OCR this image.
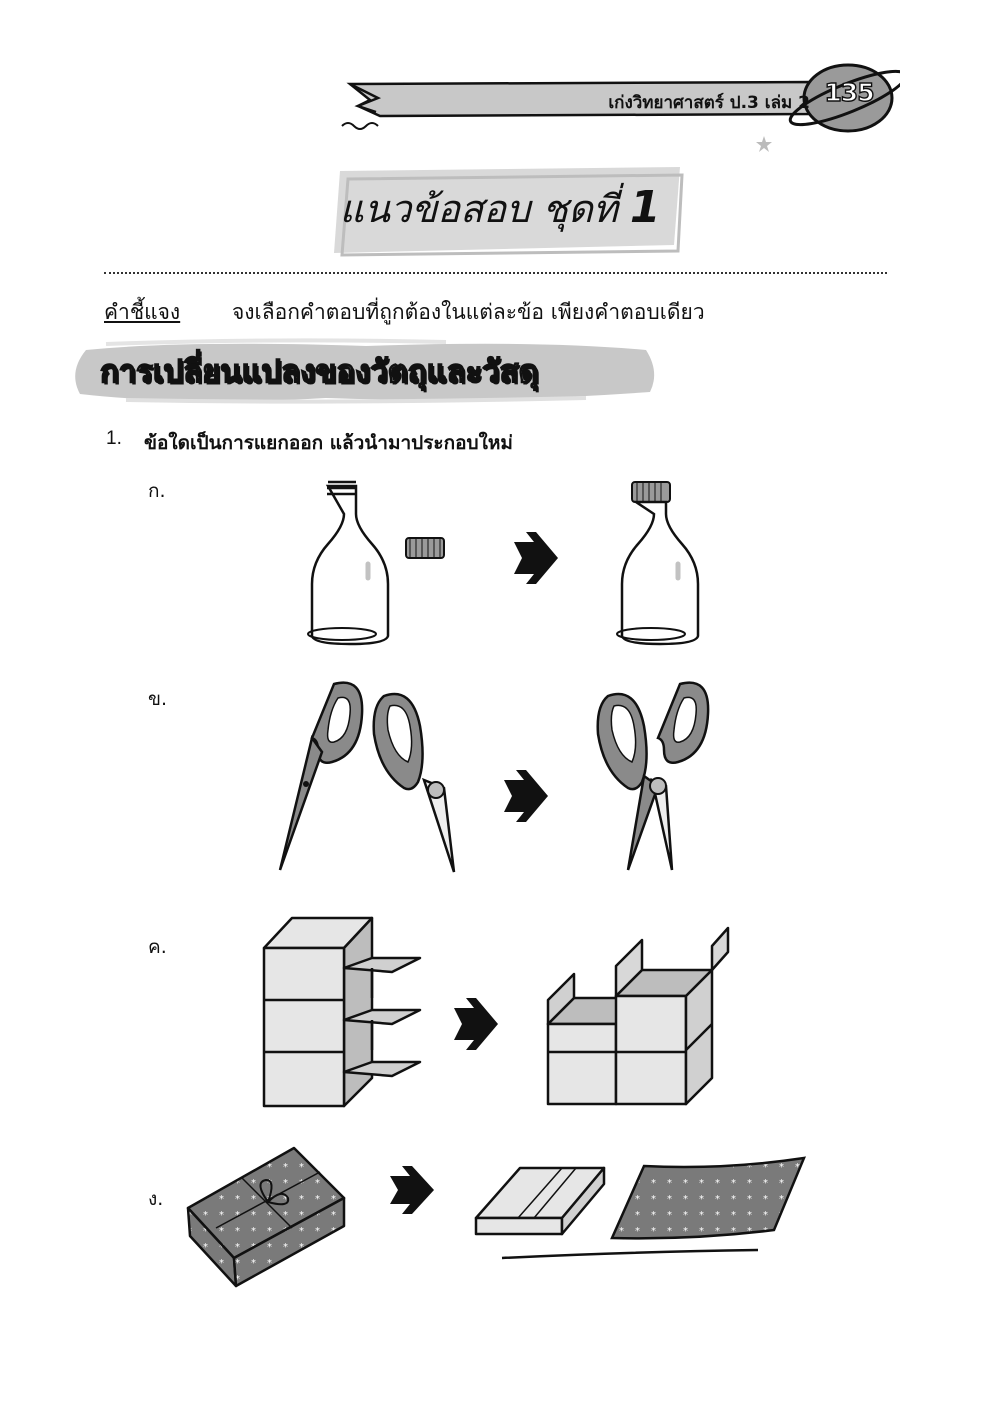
เก่งวิทยาศาสตร์ ป.3 เล่ม 2 135
แนวข้อสอบ ชุดที่ 1
คำชี้แจง จงเลือกคำตอบที่ถูกต้องในแต่ละข้อ เพียงคำตอบเดียว
การเปลี่ยนแปลงของวัตถุและวัสดุ
1. ข้อใดเป็นการแยกออก แล้วนำมาประกอบใหม่
ก.
ข.
ค.
ง.
